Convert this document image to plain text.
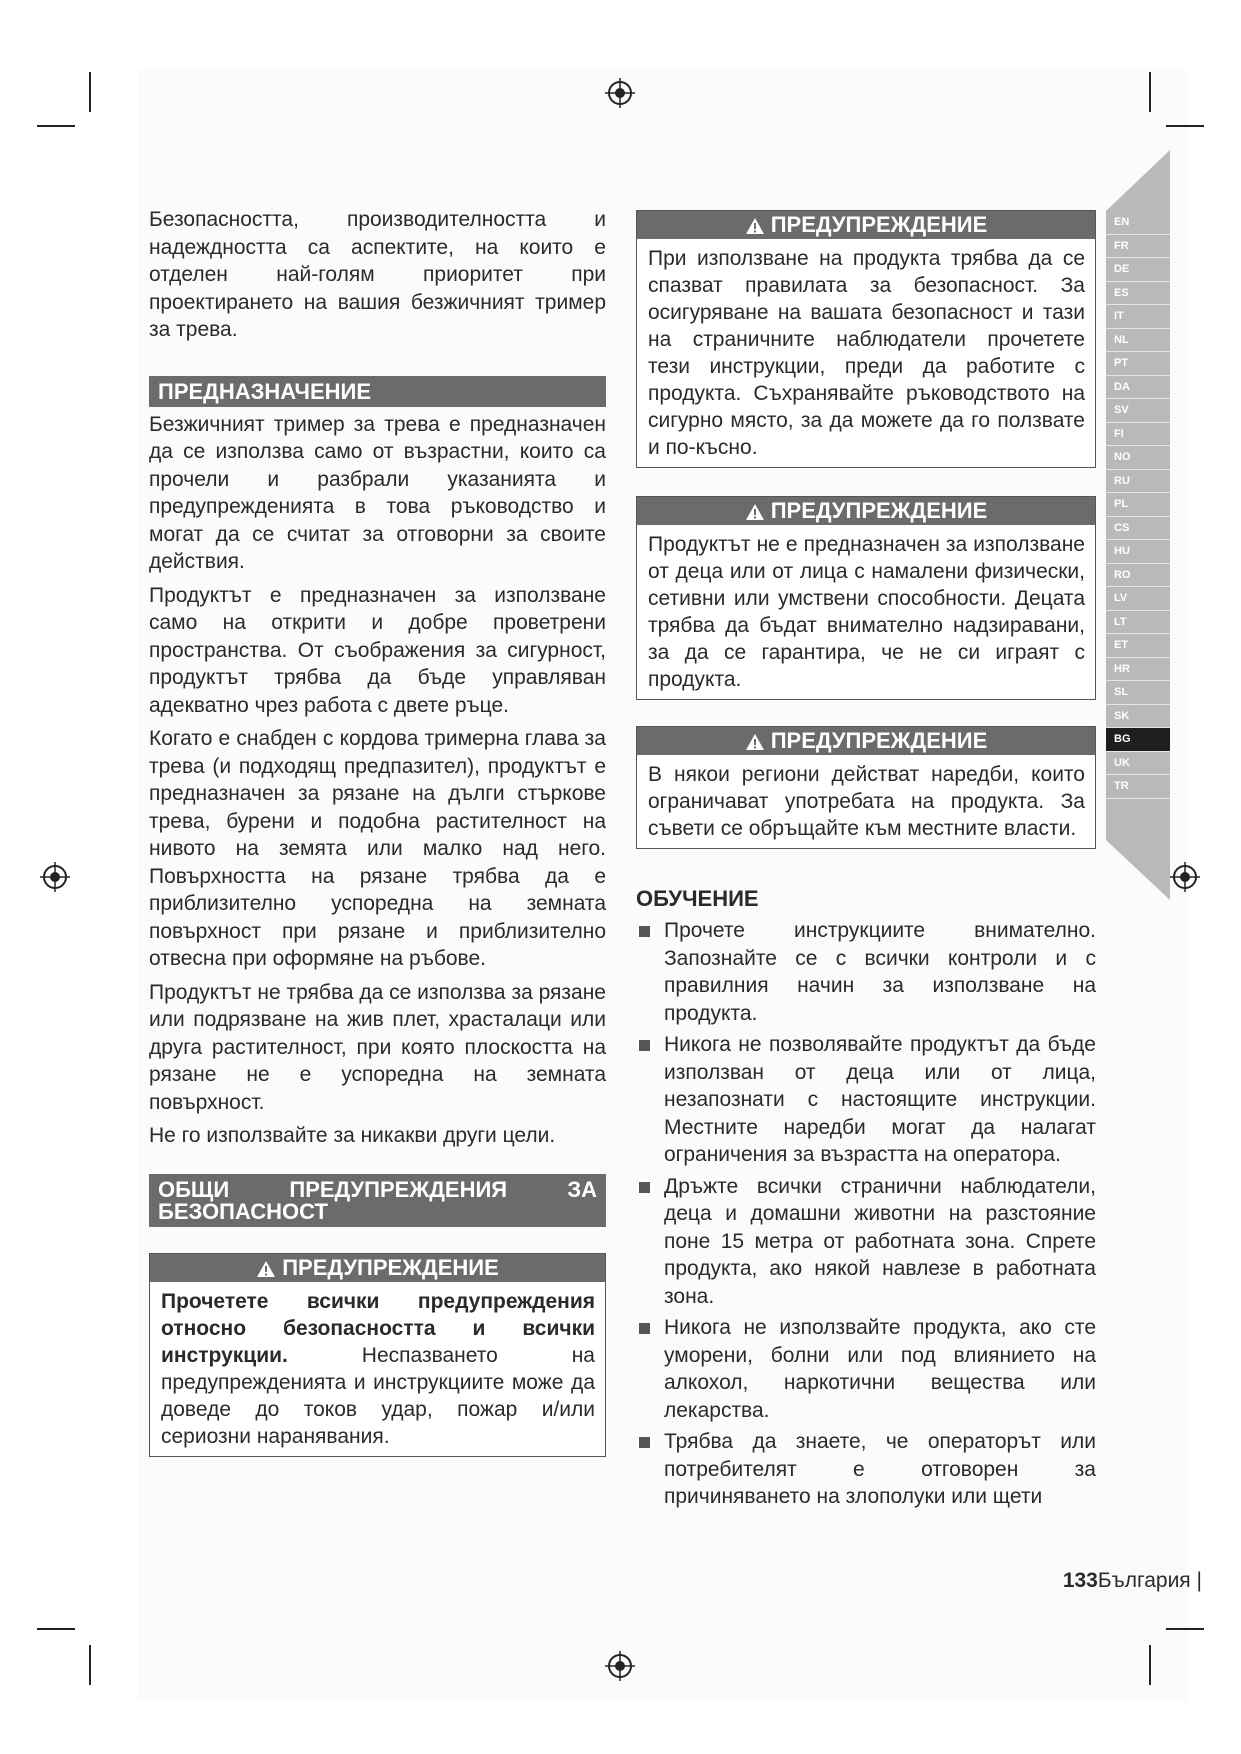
Безопасността, производителността и надеждността са аспектите, на които е отделен най-голям приоритет при проектирането на вашия безжичният тример за трева.

ПРЕДНАЗНАЧЕНИЕ

Безжичният тример за трева е предназначен да се използва само от възрастни, които са прочели и разбрали указанията и предупрежденията в това ръководство и могат да се считат за отговорни за своите действия.

Продуктът е предназначен за използване само на открити и добре проветрени пространства. От съображения за сигурност, продуктът трябва да бъде управляван адекватно чрез работа с двете ръце.

Когато е снабден с кордова тримерна глава за трева (и подходящ предпазител), продуктът е предназначен за рязане на дълги стъркове трева, бурени и подобна растителност на нивото на земята или малко над него. Повърхността на рязане трябва да е приблизително успоредна на земната повърхност при рязане и приблизително отвесна при оформяне на ръбове.

Продуктът не трябва да се използва за рязане или подрязване на жив плет, храсталаци или друга растителност, при която плоскостта на рязане не е успоредна на земната повърхност.

Не го използвайте за никакви други цели.

ОБЩИ ПРЕДУПРЕЖДЕНИЯ ЗА БЕЗОПАСНОСТ
ПРЕДУПРЕЖДЕНИЕ
Прочетете всички предупреждения относно безопасността и всички инструкции.	Неспазването на предупрежденията и инструкциите може да доведе до токов удар, пожар и/или сериозни наранявания.
ПРЕДУПРЕЖДЕНИЕ
При използване на продукта трябва да се спазват правилата за безопасност. За осигуряване на вашата безопасност и тази на страничните наблюдатели прочетете тези инструкции, преди да работите с продукта. Съхранявайте ръководството на сигурно място, за да можете да го ползвате и по-късно.
ПРЕДУПРЕЖДЕНИЕ
Продуктът не е предназначен за използване от деца или от лица с намалени физически, сетивни или умствени способности. Децата трябва да бъдат внимателно надзиравани, за да се гарантира, че не си играят с продукта.
ПРЕДУПРЕЖДЕНИЕ
В някои региони действат наредби, които ограничават употребата на продукта. За съвети се обръщайте към местните власти.
ОБУЧЕНИЕ
Прочете инструкциите внимателно. Запознайте се с всички контроли и с правилния начин за използване на продукта.
Никога не позволявайте продуктът да бъде използван от деца или от лица, незапознати с настоящите инструкции. Местните наредби могат да налагат ограничения за възрастта на оператора.
Дръжте всички странични наблюдатели, деца и домашни животни на разстояние поне 15 метра от работната зона. Спрете продукта, ако някой навлезе в работната зона.
Никога не използвайте продукта, ако сте уморени, болни или под влиянието на алкохол, наркотични вещества или лекарства.
Трябва да знаете, че операторът или потребителят е отговорен за причиняването на злополуки или щети
EN
FR
DE
ES
IT
NL
PT
DA
SV
FI
NO
RU
PL
CS
HU
RO
LV
LT
ET
HR
SL
SK
BG
UK
TR
133България |
